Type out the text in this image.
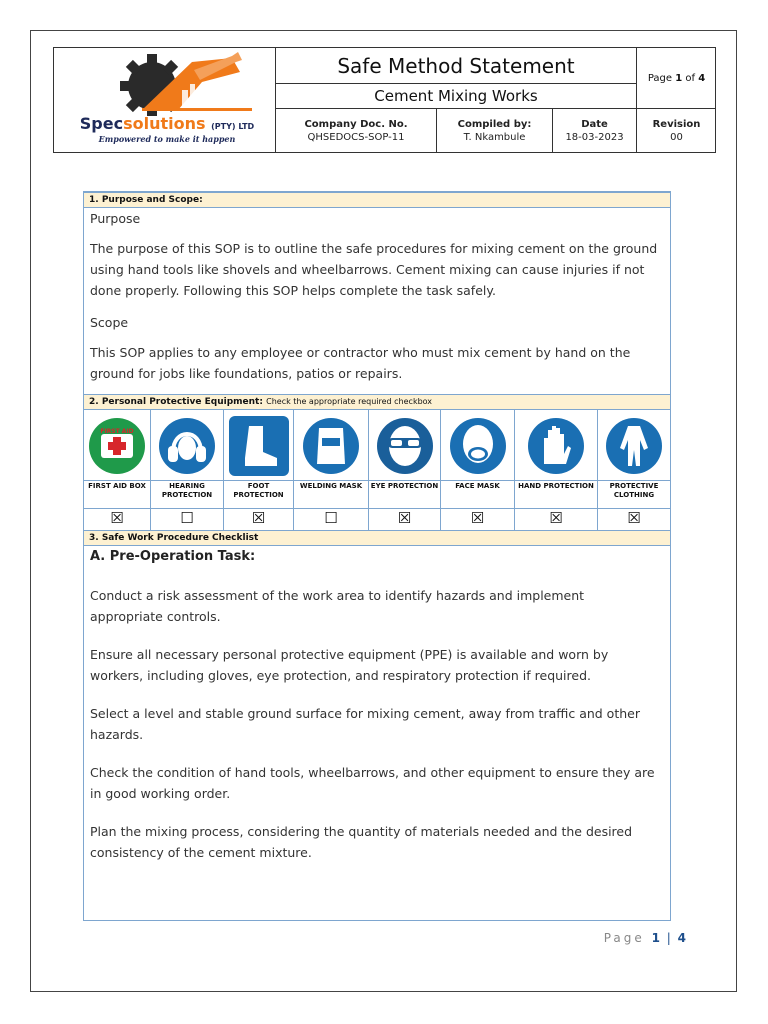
Specsolutions (PTY) LTD
Empowered to make it happen
Safe Method Statement
Cement Mixing Works
Page
1
of
4
Company Doc. No.
QHSEDOCS-SOP-11
Compiled by:
T. Nkambule
Date
18-03-2023
Revision
00
1. Purpose and Scope:
Purpose
The purpose of this SOP is to outline the safe procedures for mixing cement on the ground using hand tools like shovels and wheelbarrows. Cement mixing can cause injuries if not done properly. Following this SOP helps complete the task safely.
Scope
This SOP applies to any employee or contractor who must mix cement by hand on the ground for jobs like foundations, patios or repairs.
2. Personal Protective Equipment: Check the appropriate required checkbox
FIRST AID
FIRST AID BOX
☒
HEARING PROTECTION
☐
FOOT PROTECTION
☒
WELDING MASK
☐
EYE PROTECTION
☒
FACE MASK
☒
HAND PROTECTION
☒
PROTECTIVE CLOTHING
☒
3. Safe Work Procedure Checklist
A. Pre-Operation Task:
Conduct a risk assessment of the work area to identify hazards and implement appropriate controls.
Ensure all necessary personal protective equipment (PPE) is available and worn by workers, including gloves, eye protection, and respiratory protection if required.
Select a level and stable ground surface for mixing cement, away from traffic and other hazards.
Check the condition of hand tools, wheelbarrows, and other equipment to ensure they are in good working order.
Plan the mixing process, considering the quantity of materials needed and the desired consistency of the cement mixture.
Page 1 | 4
